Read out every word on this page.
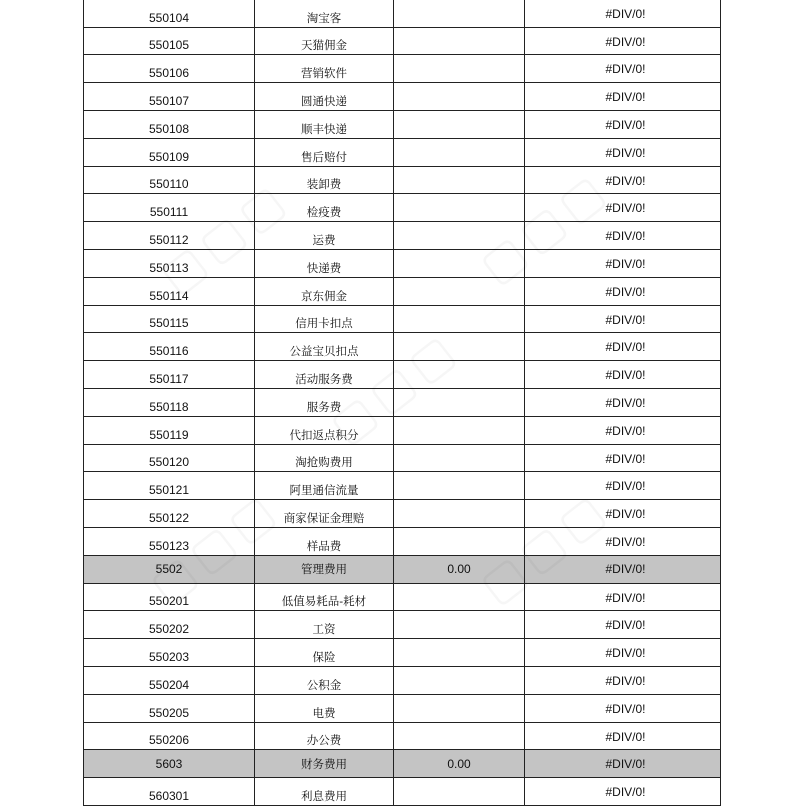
550104	淘宝客	#DIV/0!
550105	天猫佣金	#DIV/0!
550106	营销软件	#DIV/0!
550107	圆通快递	#DIV/0!
550108	顺丰快递	#DIV/0!
550109	售后赔付	#DIV/0!
550110	装卸费	#DIV/0!
550111	检疫费	#DIV/0!
550112	运费	#DIV/0!
550113	快递费	#DIV/0!
550114	京东佣金	#DIV/0!
550115	信用卡扣点	#DIV/0!
550116	公益宝贝扣点	#DIV/0!
550117	活动服务费	#DIV/0!
550118	服务费	#DIV/0!
550119	代扣返点积分	#DIV/0!
550120	淘抢购费用	#DIV/0!
550121	阿里通信流量	#DIV/0!
550122	商家保证金理赔	#DIV/0!
550123	样品费	#DIV/0!
5502	管理费用	0.00	#DIV/0!
550201	低值易耗品-耗材	#DIV/0!
550202	工资	#DIV/0!
550203	保险	#DIV/0!
550204	公积金	#DIV/0!
550205	电费	#DIV/0!
550206	办公费	#DIV/0!
5603	财务费用	0.00	#DIV/0!
560301	利息费用	#DIV/0!
